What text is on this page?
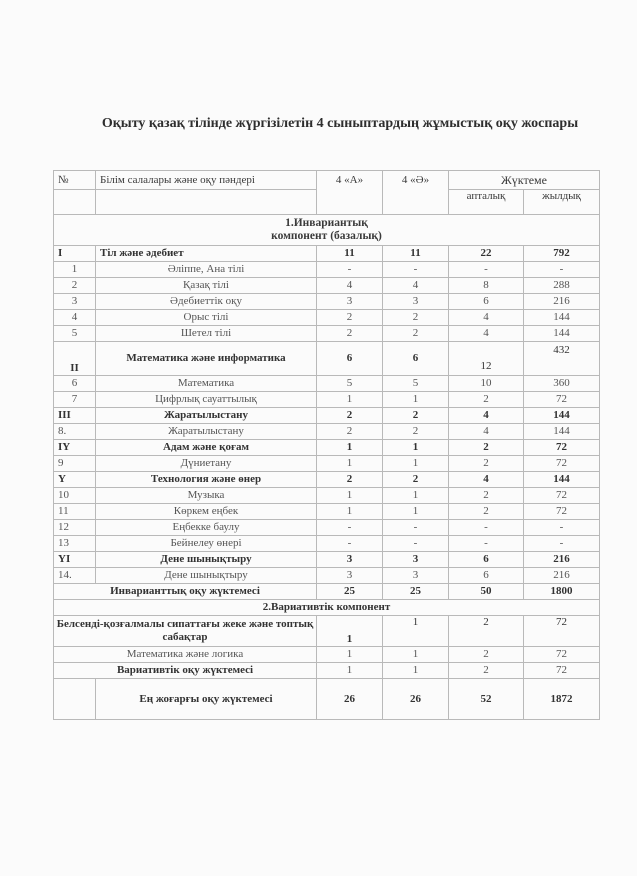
Оқыту қазақ тілінде жүргізілетін 4 сыныптардың жұмыстық оқу жоспары
№	Білім салалары және оқу пәндері	4 «А»	4 «Ә»	Жүктеме	
				апталық	жылдық
1.Инвариантық компонент (базалық)					
I	Тіл және әдебиет	11	11	22	792
1	Әліппе, Ана тілі	-	-	-	-
2	Қазақ тілі	4	4	8	288
3	Әдебиеттік оқу	3	3	6	216
4	Орыс тілі	2	2	4	144
5	Шетел тілі	2	2	4	144
II	Математика және информатика	6	6	12	432
6	Математика	5	5	10	360
7	Цифрлық сауаттылық	1	1	2	72
III	Жаратылыстану	2	2	4	144
8.	Жаратылыстану	2	2	4	144
IY	Адам және қоғам	1	1	2	72
9	Дүниетану	1	1	2	72
Y	Технология және өнер	2	2	4	144
10	Музыка	1	1	2	72
11	Көркем еңбек	1	1	2	72
12	Еңбекке баулу	-	-	-	-
13	Бейнелеу өнері	-	-	-	-
YI	Дене шынықтыру	3	3	6	216
14.	Дене шынықтыру	3	3	6	216
Инварианттық оқу жүктемесі		25	25	50	1800
2.Вариативтік компонент					
Белсенді-қозғалмалы сипаттағы жеке және топтық сабақтар		1	1	2	72
Математика және логика		1	1	2	72
Вариативтік оқу жүктемесі		1	1	2	72
	Ең жоғарғы оқу жүктемесі	26	26	52	1872
